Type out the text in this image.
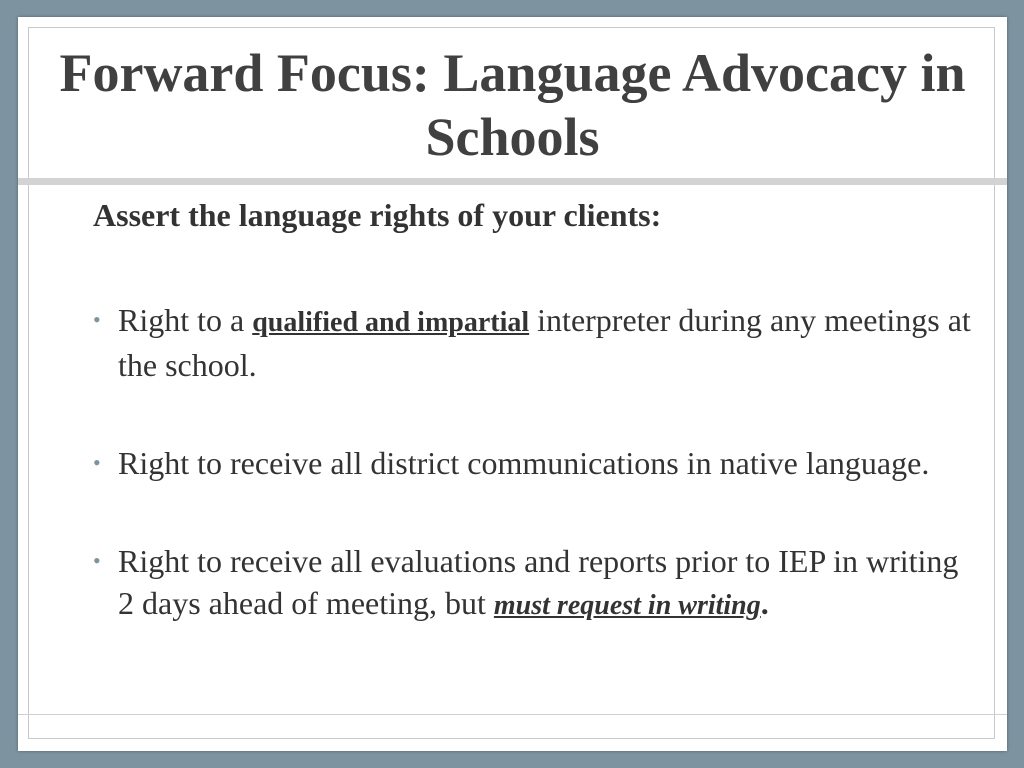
Forward Focus: Language Advocacy in Schools

Assert the language rights of your clients:

• Right to a qualified and impartial interpreter during any meetings at the school.
• Right to receive all district communications in native language.
• Right to receive all evaluations and reports prior to IEP in writing 2 days ahead of meeting, but must request in writing.
